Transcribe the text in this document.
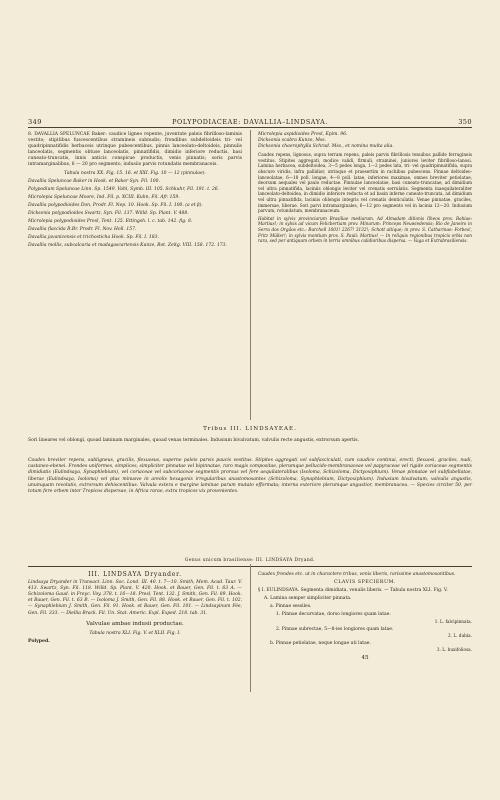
349	POLYPODIACEAE: DAVALLIA–LINDSAYA.	350

8. DAVALLIA SPELUNCAE Baker: caudice ligneo repente, juventute paleis fibrilloso-laminis vestito; stipitibus fuscescentibus stramineis subnudis; frondibus subdeltoideis tri- vel quadripinnatifidis herbaceis utrinque pubescentibus, pinnis lanceolato-deltoideis, pinnulis lanceolatis, segmentis obtuse lanceolatis, pinnatifidis, dimidio inferiore reductis, basi cuneato-truncatis, innis anticis conspicue productis, venis pinnatis; soris parvis intramarginalibus, 6 — 20 pro segmento, indusiis parvis rotundatis membranaceis.

Tabula nostra XX. Fig. 15. 16. et XXI. Fig. 10 — 12 (pinnulae).

Davallia Speluncae Baker in Hook. et Baker Syn. Fil. 100.

Polypodium Speluncae Linn. Sp. 1549. Vahl, Symb. III. 105. Schkuhr, Fil. 191. t. 26.

Microlepia Speluncae Moore, Ind. Fil. p. XCIII. Kuhn, Fil. Afr. 159.

Davallia polypodioides Don, Prodr. Fl. Nep. 10. Hook. Sp. Fil. I. 100. (a et β).

Dicksonia polypodioides Swartz, Syn. Fil. 137. Willd. Sp. Plant. V. 488.

Microlepia polypodioides Presl, Tent. 125. Ettingsh. l. c. tab. 142. fig. 8.

Davallia flaccida R.Br. Prodr. Fl. Nov. Holl. 157.

Davallia javanicensis et trichosticha Hook. Sp. Fil. I. 183.

Davallia mollis, subcalcaria et madagascariensis Kunze, Bot. Zeitg. VIII. 158. 172. 173.

Microlepia aspidioides Presl, Epim. 96.

Dicksonia scabra Kunze, Mss.

Dicksonia chaerophylla Schrad. Mss., et nomina multa alia.

Caudex repens, lignosus, supra terram repens, paleis parvis fibrillosis tenuibus pallide ferrugineis vestitus. Stipites aggregati, modice validi, firmuli, straminei, juniores leviter fibrilloso-lanosi. Lamina herbacea, subdeltoidea, 3—5 pedes longa, 1—2 pedes lata, tri- vel quadripinnatifida, supra obscure viridis, infra pallidior, utrinque et praesertim in rachibus pubescens. Pinnae deltoideo-lanceolatae, 6—18 poll. longae, 4—8 poll. latae, inferiores maximae, omnes breviter petiolatae, deorsum aequales vel paulo reductae. Pinnulae lanceolatae, basi cuneato-truncatae, ad dimidium vel ultra pinnatifida, laciniis oblongis leviter vel crenatis serrulatis. Segmenta inaequilateraliter lanceolato-deltoidea, in dimidio inferiore reducta et ad basin inferne cuneato-truncata, ad dimidium vel ultra pinnatifida, laciniis oblongis integris vel crenatis denticulatis. Venae pinnatae, graciles, immersae, liberae. Sori parvi intramarginales, 6—12 pro segmento vel in lacinia 12—20. Indusium parvum, rotundatum, membranaceum.

Habitat in sylvis provinciarum Brasiliae mediarum. Ad Almadam ditionis Ilheos prov. Bahiae: Martius!; in sylvis ad vicum Felicbertiam prov. Minarum: Princeps Neuwiedensis; Rio de Janeiro in Serra dos Orgãos etc.: Burchell 1601! 2267! 3132!; Schott altique; in prov. S. Catharinae: Forbes!, Fritz Müller!; in sylvis montium prov. S. Pauli: Martius! — In reliquis regionibus tropicis orbis non rara, sed per antiquum orbem in terris omnibus calidioribus dispersa. — Vaga et Extrabrasiliensis.

Tribus III. LINDSAYEAE.
Sori lineares vel oblongi, quoad laminam marginales, quoad venas terminales. Indusium bivalvatum, valvulis recte angustis, extrorsum apertis.
Caudex breviter repens, subligneus, gracilis, flexuosus, superne paleis parvis paucis vestitus. Stipites aggregati vel subfasciculati, cum caudice continui, erecti, flexuosi, graciles, nudi, castaneo-ebenei. Frondes uniformes, simplices, simpliciter pinnatae vel bipinnatae, raro magis compositae, plerumque pellucido-membranaceae vel papyraceae vel rigide coriaceae segmentis dimidiatis (Eulindsaya, Synaphlebium), vel coriaceae vel subcoriaceae segmentis prorsus vel fere aequilateralibus (Isoloma, Schizoloma, Dictyoxiphium). Venae pinnatae vel subflabellatae, liberae (Eulindsaya, Isoloma) vel plus minusve in areolis hexagonis irregularibus anastomosantes (Schizoloma, Synaphlebium, Dictyoxiphium). Indusium bivalvatum, valvulis angustis, unumquam revolutis, extrorsum dehiscentibus. Valvula extera e margine laminae parum mutato efformata; interna exteriore plerumque angustior, membranacea. — Species circiter 50, per totum fere orbem inter Tropicos dispersae, in Africa rarae, extra tropicos vix provenientes.
Genus unicum brasiliense: III. LINDSAYA Dryand.

III. LINDSAYA Dryander.

Lindsaya Dryander in Transact. Linn. Soc. Lond. III. 40. t. 7—10. Smith, Mem. Acad. Taur. V. 413. Swartz, Syn. Fil. 118. Willd. Sp. Plant. V. 420. Hook. et Bauer, Gen. Fil. t. 63 A. — Schizoloma Gaud. in Freyc. Voy. 378. t. 16—18. Presl, Tent. 132. J. Smith, Gen. Fil. 89. Hook. et Bauer, Gen. Fil. t. 63 B. — Isoloma J. Smith, Gen. Fil. 88. Hook. et Bauer, Gen. Fil. t. 102. — Synaphlebium J. Smith, Gen. Fil. 91. Hook. et Bauer, Gen. Fil. 101. — Lindsayinum Fée, Gen. Fil. 333. — Diellia Brack. Fil. Un. Stat. Americ. Expl. Exped. 218. tab. 31.

Valvulae ambae indusii productae.

Tabula nostra XLI. Fig. V. et XLII. Fig. I.

Polyped.

Caudex frondes etc. ut in charactere tribus, venis liberis, rarissime anastomosantibus.

CLAVIS SPECIERUM.

§ I. EULINDSAYA. Segmenta dimidiata, venulis liberis. — Tabula nostra XLI. Fig. V.

A. Lamina semper simpliciter pinnata.

a. Pinnae sessiles.

1. Pinnae decurvatae, dorso longiores quam latae.

1. L. falcipinnata.

2. Pinnae subrectae, 5—8-ies longiores quam latae.

2. L. dubia.

b. Pinnae petiolatae, neque longae uti latae.

3. L. buxifoliosa.

45
